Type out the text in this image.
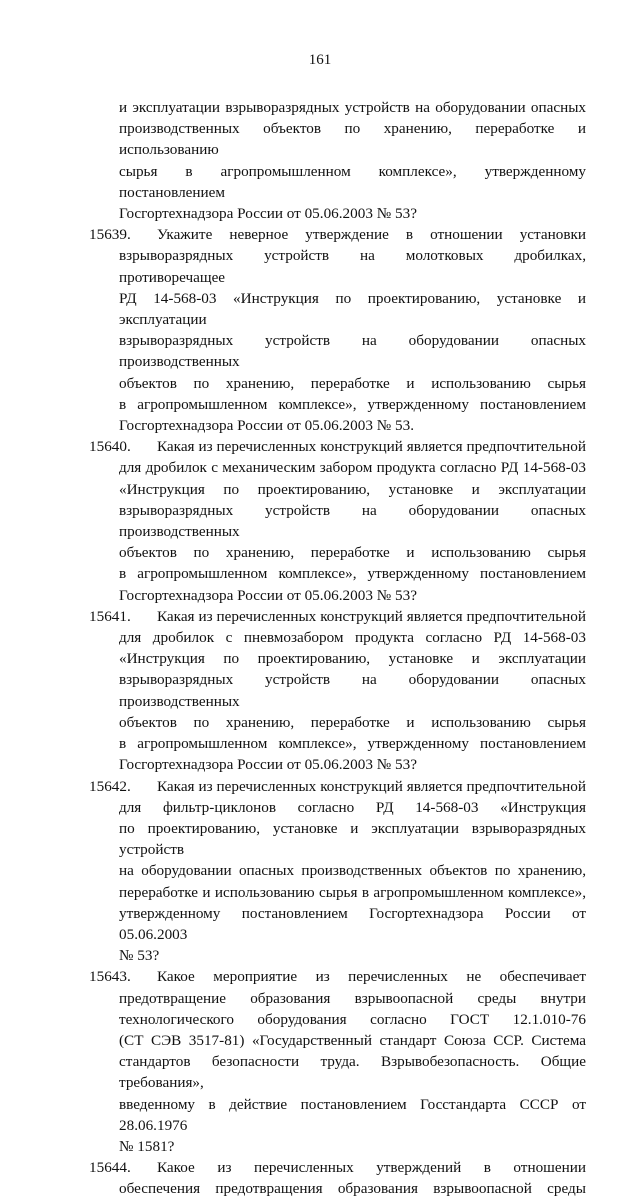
161
и эксплуатации взрывоpазрядных устройств на оборудовании опасных
производственных объектов по хранению, переработке и использованию
сырья в агропромышленном комплексе», утвержденному постановлением
Госгортехнадзора России от 05.06.2003 № 53?
15639.	Укажите неверное утверждение в отношении установки
взрывоpазрядных устройств на молотковых дробилках, противоречащее
РД 14-568-03 «Инструкция по проектированию, установке и эксплуатации
взрывоpазрядных устройств на оборудовании опасных производственных
объектов по хранению, переработке и использованию сырья
в агропромышленном комплексе», утвержденному постановлением
Госгортехнадзора России от 05.06.2003 № 53.
15640.	Какая из перечисленных конструкций является предпочтительной
для дробилок с механическим забором продукта согласно РД 14-568-03
«Инструкция по проектированию, установке и эксплуатации
взрывоpазрядных устройств на оборудовании опасных производственных
объектов по хранению, переработке и использованию сырья
в агропромышленном комплексе», утвержденному постановлением
Госгортехнадзора России от 05.06.2003 № 53?
15641.	Какая из перечисленных конструкций является предпочтительной
для дробилок с пневмозабором продукта согласно РД 14-568-03
«Инструкция по проектированию, установке и эксплуатации
взрывоpазрядных устройств на оборудовании опасных производственных
объектов по хранению, переработке и использованию сырья
в агропромышленном комплексе», утвержденному постановлением
Госгортехнадзора России от 05.06.2003 № 53?
15642.	Какая из перечисленных конструкций является предпочтительной
для фильтр-циклонов согласно РД 14-568-03 «Инструкция
по проектированию, установке и эксплуатации взрывоpазрядных устройств
на оборудовании опасных производственных объектов по хранению,
переработке и использованию сырья в агропромышленном комплексе»,
утвержденному постановлением Госгортехнадзора России от 05.06.2003
№ 53?
15643.	Какое мероприятие из перечисленных не обеспечивает
предотвращение образования взрывоопасной среды внутри
технологического оборудования согласно ГОСТ 12.1.010-76
(СТ СЭВ 3517-81) «Государственный стандарт Союза ССР. Система
стандартов безопасности труда. Взрывобезопасность. Общие требования»,
введенному в действие постановлением Госстандарта СССР от 28.06.1976
№ 1581?
15644.	Какое из перечисленных утверждений в отношении
обеспечения предотвращения образования взрывоопасной среды
